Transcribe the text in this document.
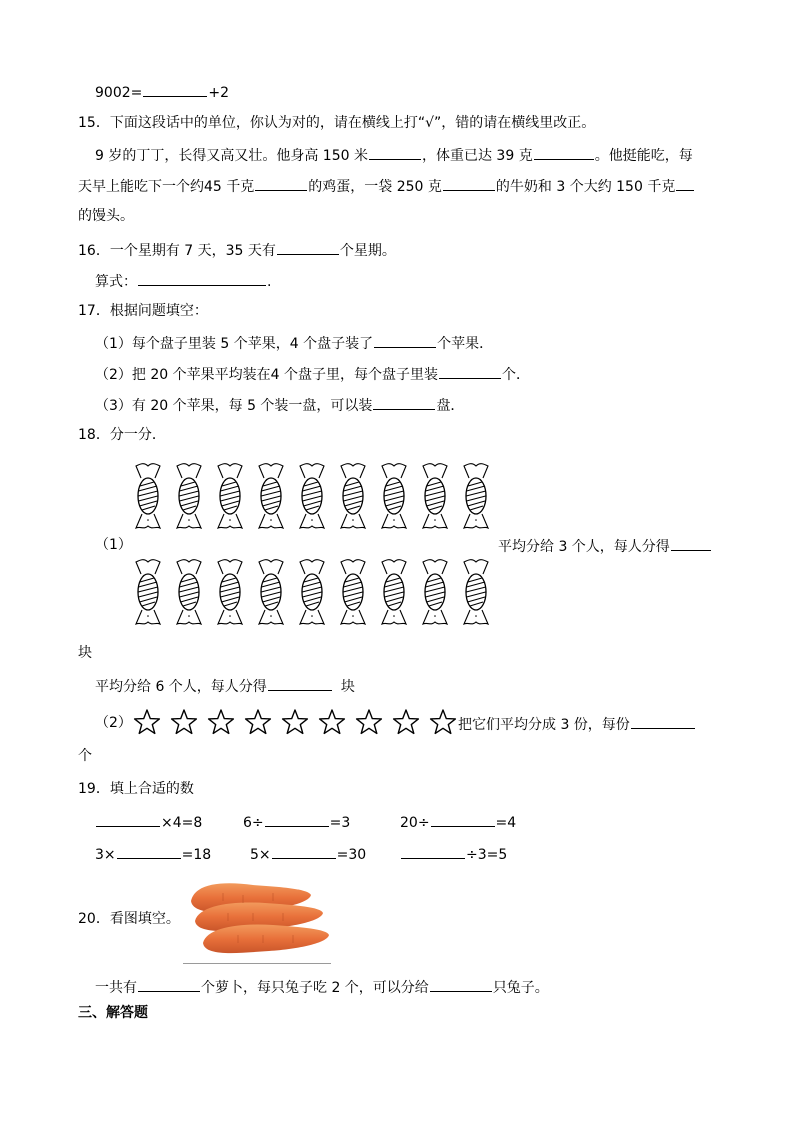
9002=	+2
15．下面这段话中的单位，你认为对的，请在横线上打“√”，错的请在横线里改正。
9 岁的丁丁，长得又高又壮。他身高 150 米	，体重已达 39 克	。他挺能吃，每
天早上能吃下一个约45 千克	的鸡蛋，一袋 250 克	的牛奶和 3 个大约 150 千克
的馒头。
16．一个星期有 7 天，35 天有	个星期。
算式：	.
17．根据问题填空：
（1）每个盘子里装 5 个苹果，4 个盘子装了	个苹果．
（2）把 20 个苹果平均装在4 个盘子里，每个盘子里装	个．
（3）有 20 个苹果，每 5 个装一盘，可以装	盘．
18．分一分．
（1）	平均分给 3 个人，每人分得
块
平均分给 6 个人，每人分得	块
（2）	把它们平均分成 3 份，每份
个
19．填上合适的数
×4=8	6÷	=3	20÷	=4
3×	=18	5×	=30	÷3=5
20．看图填空。
一共有	个萝卜，每只兔子吃 2 个，可以分给	只兔子。
三、解答题
